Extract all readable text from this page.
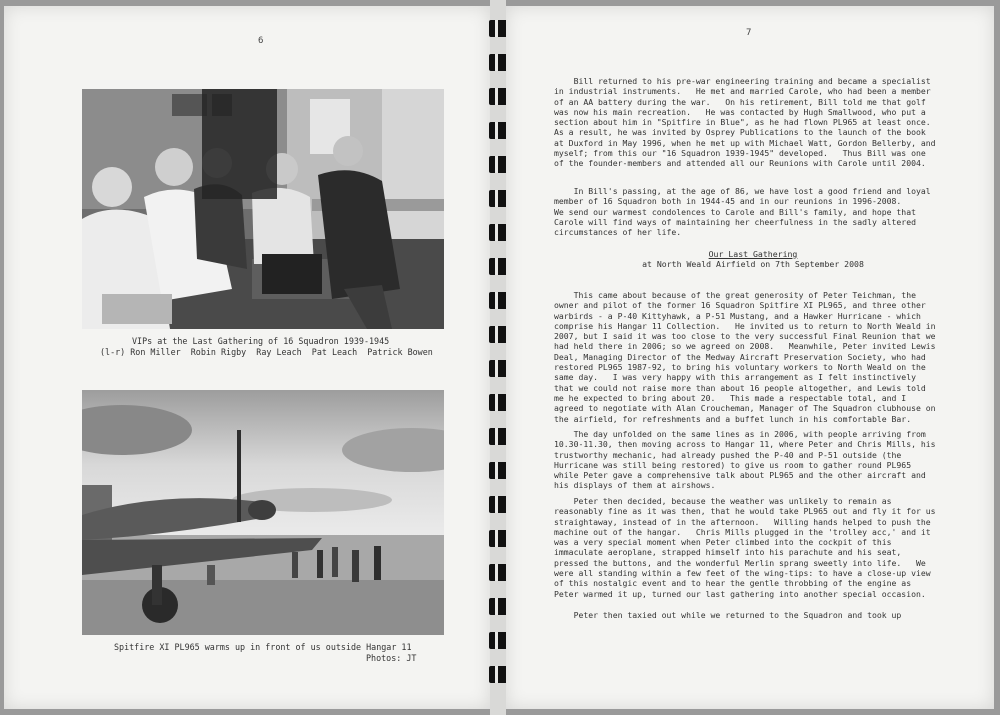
6
VIPs at the Last Gathering of 16 Squadron 1939-1945
(l-r) Ron Miller  Robin Rigby  Ray Leach  Pat Leach  Patrick Bowen
Spitfire XI PL965 warms up in front of us outside Hangar 11
Photos: JT
7

Bill returned to his pre-war engineering training and became a specialist

in industrial instruments.   He met and married Carole, who had been a member

of an AA battery during the war.   On his retirement, Bill told me that golf

was now his main recreation.   He was contacted by Hugh Smallwood, who put a

section about him in "Spitfire in Blue", as he had flown PL965 at least once.

As a result, he was invited by Osprey Publications to the launch of the book

at Duxford in May 1996, when he met up with Michael Watt, Gordon Bellerby, and

myself; from this our "16 Squadron 1939-1945" developed.   Thus Bill was one

of the founder-members and attended all our Reunions with Carole until 2004.

In Bill's passing, at the age of 86, we have lost a good friend and loyal

member of 16 Squadron both in 1944-45 and in our reunions in 1996-2008.

We send our warmest condolences to Carole and Bill's family, and hope that

Carole will find ways of maintaining her cheerfulness in the sadly altered

circumstances of her life.

Our Last Gathering
at North Weald Airfield on 7th September 2008

This came about because of the great generosity of Peter Teichman, the

owner and pilot of the former 16 Squadron Spitfire XI PL965, and three other

warbirds - a P-40 Kittyhawk, a P-51 Mustang, and a Hawker Hurricane - which

comprise his Hangar 11 Collection.   He invited us to return to North Weald in

2007, but I said it was too close to the very successful Final Reunion that we

had held there in 2006; so we agreed on 2008.   Meanwhile, Peter invited Lewis

Deal, Managing Director of the Medway Aircraft Preservation Society, who had

restored PL965 1987-92, to bring his voluntary workers to North Weald on the

same day.   I was very happy with this arrangement as I felt instinctively

that we could not raise more than about 16 people altogether, and Lewis told

me he expected to bring about 20.   This made a respectable total, and I

agreed to negotiate with Alan Croucheman, Manager of The Squadron clubhouse on

the airfield, for refreshments and a buffet lunch in his comfortable Bar.

The day unfolded on the same lines as in 2006, with people arriving from

10.30-11.30, then moving across to Hangar 11, where Peter and Chris Mills, his

trustworthy mechanic, had already pushed the P-40 and P-51 outside (the

Hurricane was still being restored) to give us room to gather round PL965

while Peter gave a comprehensive talk about PL965 and the other aircraft and

his displays of them at airshows.

Peter then decided, because the weather was unlikely to remain as

reasonably fine as it was then, that he would take PL965 out and fly it for us

straightaway, instead of in the afternoon.   Willing hands helped to push the

machine out of the hangar.   Chris Mills plugged in the 'trolley acc,' and it

was a very special moment when Peter climbed into the cockpit of this

immaculate aeroplane, strapped himself into his parachute and his seat,

pressed the buttons, and the wonderful Merlin sprang sweetly into life.   We

were all standing within a few feet of the wing-tips: to have a close-up view

of this nostalgic event and to hear the gentle throbbing of the engine as

Peter warmed it up, turned our last gathering into another special occasion.

Peter then taxied out while we returned to the Squadron and took up
